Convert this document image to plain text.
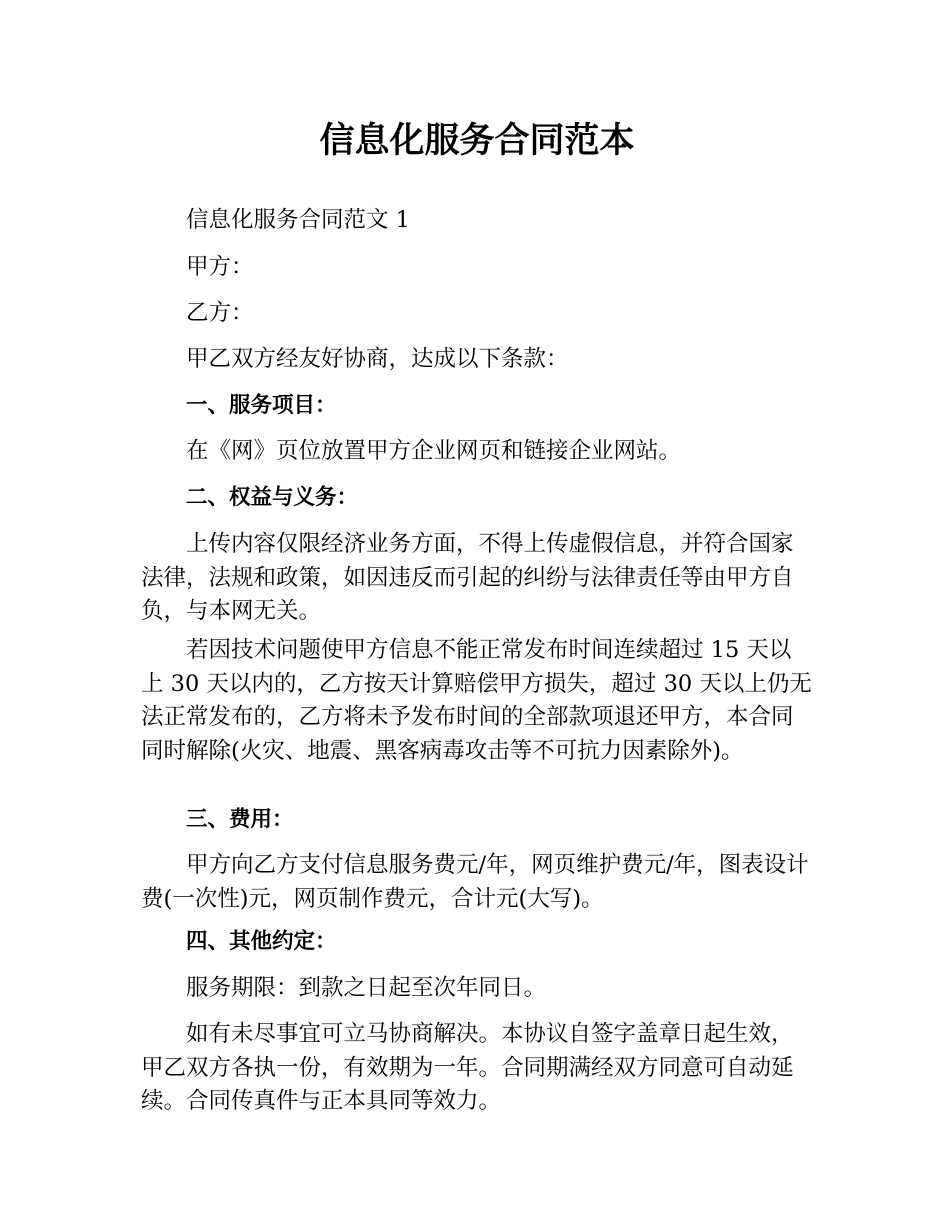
信息化服务合同范本

信息化服务合同范文 1

甲方：

乙方：

甲乙双方经友好协商，达成以下条款：

一、服务项目：

在《网》页位放置甲方企业网页和链接企业网站。

二、权益与义务：

上传内容仅限经济业务方面，不得上传虚假信息，并符合国家法律，法规和政策，如因违反而引起的纠纷与法律责任等由甲方自负，与本网无关。

若因技术问题使甲方信息不能正常发布时间连续超过 15 天以上 30 天以内的，乙方按天计算赔偿甲方损失，超过 30 天以上仍无法正常发布的，乙方将未予发布时间的全部款项退还甲方，本合同同时解除(火灾、地震、黑客病毒攻击等不可抗力因素除外)。

三、费用：

甲方向乙方支付信息服务费元/年，网页维护费元/年，图表设计费(一次性)元，网页制作费元，合计元(大写)。

四、其他约定：

服务期限：到款之日起至次年同日。

如有未尽事宜可立马协商解决。本协议自签字盖章日起生效，甲乙双方各执一份，有效期为一年。合同期满经双方同意可自动延续。合同传真件与正本具同等效力。
